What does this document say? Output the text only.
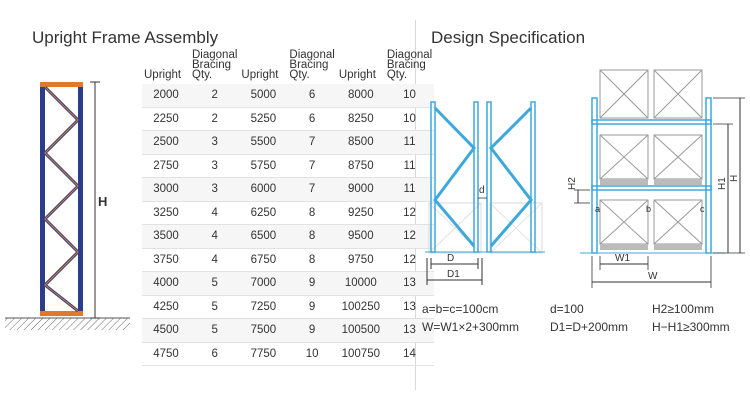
Upright Frame Assembly	Design Specification
Upright	Diagonal Bracing Qty.	Upright	Diagonal Bracing Qty.	Upright	Diagonal Bracing Qty.
2000	2	5000	6	8000	10
2250	2	5250	6	8250	10
2500	3	5500	7	8500	11
2750	3	5750	7	8750	11
3000	3	6000	7	9000	11
3250	4	6250	8	9250	12
3500	4	6500	8	9500	12
3750	4	6750	8	9750	12
4000	5	7000	9	10000	13
4250	5	7250	9	100250	13
4500	5	7500	9	100500	13
4750	6	7750	10	100750	14
H
d
D
D1
a	b	c
H2	H1 H
W1
W
a=b=c=100cm	d=100	H2≥100mm
W=W1×2+300mm	D1=D+200mm H−H1≥300mm
